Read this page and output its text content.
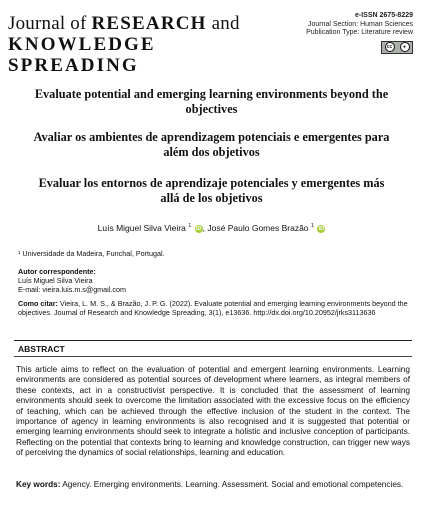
Journal of RESEARCH and
KNOWLEDGE SPREADING
e-ISSN 2675-8229
Journal Section: Human Sciences
Publication Type: Literature review
cc	●
Evaluate potential and emerging learning environments beyond the objectives
Avaliar os ambientes de aprendizagem potenciais e emergentes para além dos objetivos
Evaluar los entornos de aprendizaje potenciales y emergentes más allá de los objetivos
Luís Miguel Silva Vieira $^1$ iD, José Paulo Gomes Brazão $^1$ iD
¹ Universidade da Madeira, Funchal, Portugal.
Autor correspondente:
Luís Miguel Silva Vieira
E-mail: vieira.luis.m.s@gmail.com
Como citar: Vieira, L. M. S., & Brazão, J. P. G. (2022). Evaluate potential and emerging learning environments beyond the objectives. Journal of Research and Knowledge Spreading, 3(1), e13636. http://dx.doi.org/10.20952/jrks3113636
ABSTRACT
This article aims to reflect on the evaluation of potential and emergent learning environments. Learning environments are considered as potential sources of development where learners, as integral members of these contexts, act in a constructivist perspective. It is concluded that the assessment of learning environments should seek to overcome the limitation associated with the excessive focus on the efficiency of teaching, which can be achieved through the effective inclusion of the student in the context. The importance of agency in learning environments is also recognised and it is suggested that potential or emerging learning environments should seek to integrate a holistic and inclusive conception of participants. Reflecting on the potential that contexts bring to learning and knowledge construction, can trigger new ways of perceiving the dynamics of social relationships, learning and education.
Key words: Agency. Emerging environments. Learning. Assessment. Social and emotional competencies.
